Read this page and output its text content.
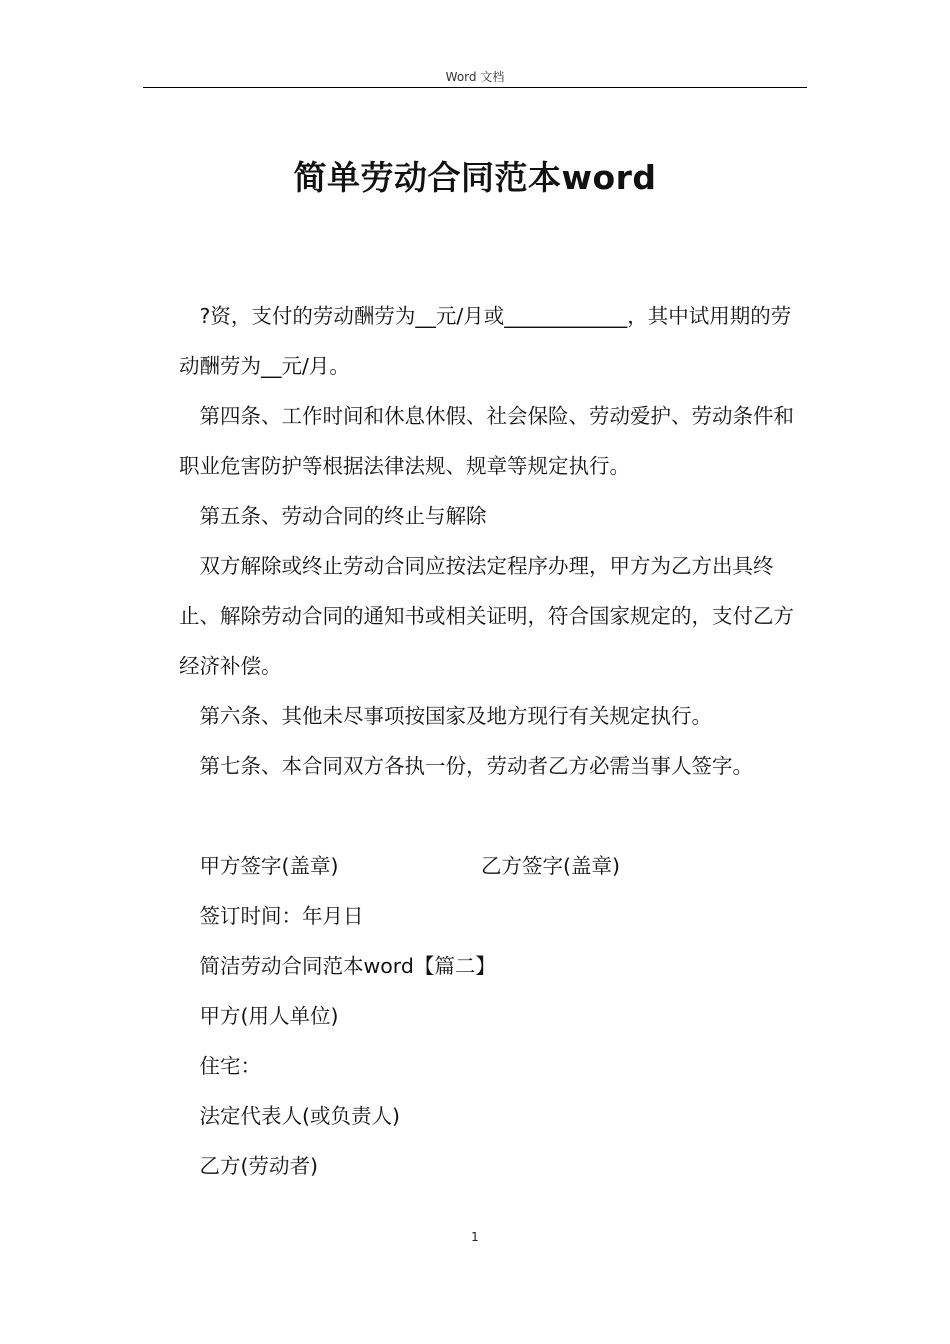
Word 文档
简单劳动合同范本word

?资，支付的劳动酬劳为__元/月或____________，其中试用期的劳动酬劳为__元/月。

第四条、工作时间和休息休假、社会保险、劳动爱护、劳动条件和职业危害防护等根据法律法规、规章等规定执行。

第五条、劳动合同的终止与解除

双方解除或终止劳动合同应按法定程序办理，甲方为乙方出具终止、解除劳动合同的通知书或相关证明，符合国家规定的，支付乙方经济补偿。

第六条、其他未尽事项按国家及地方现行有关规定执行。

第七条、本合同双方各执一份，劳动者乙方必需当事人签字。

甲方签字(盖章)	乙方签字(盖章)

签订时间：年月日

简洁劳动合同范本word【篇二】

甲方(用人单位)

住宅：

法定代表人(或负责人)

乙方(劳动者)

1
